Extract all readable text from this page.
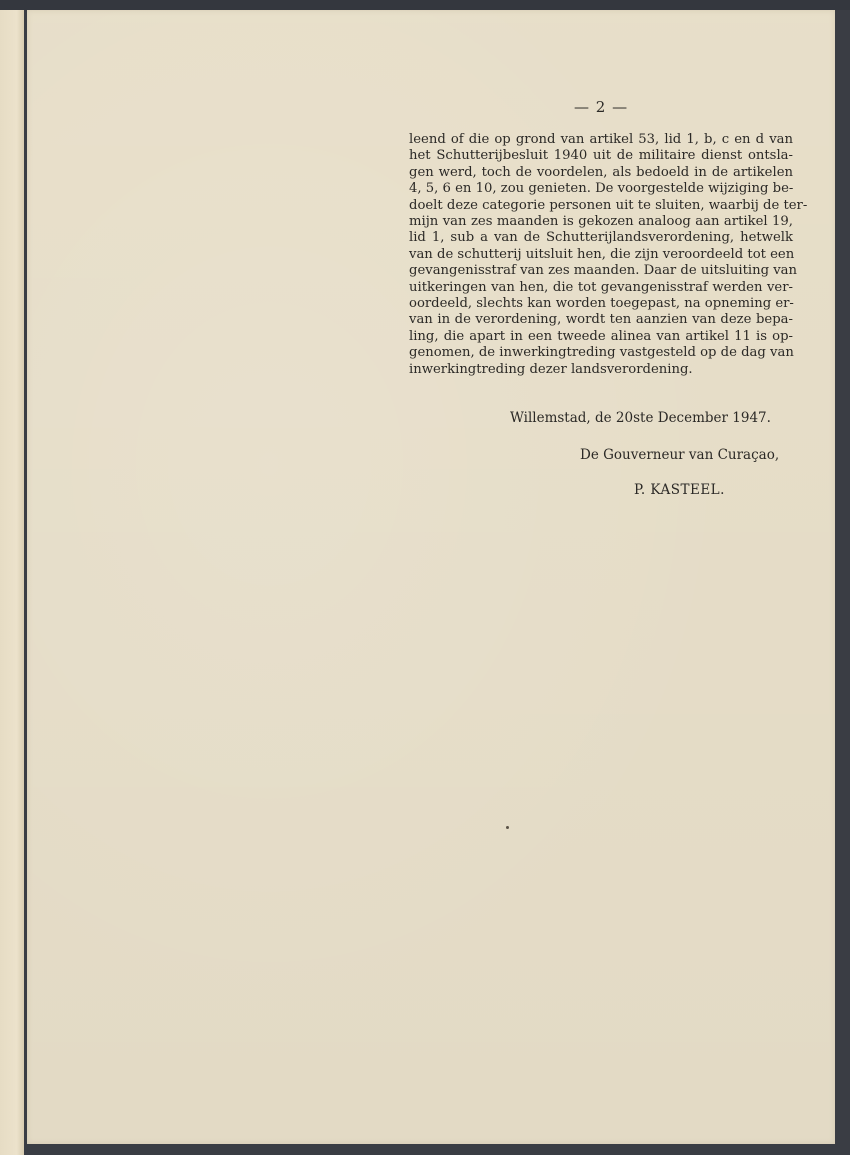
— 2 —

leend of die op grond van artikel 53, lid 1, b, c en d van
het Schutterijbesluit 1940 uit de militaire dienst ontsla-
gen werd, toch de voordelen, als bedoeld in de artikelen
4, 5, 6 en 10, zou genieten. De voorgestelde wijziging be-
doelt deze categorie personen uit te sluiten, waarbij de ter-
mijn van zes maanden is gekozen analoog aan artikel 19,
lid 1, sub a van de Schutterijlandsverordening, hetwelk
van de schutterij uitsluit hen, die zijn veroordeeld tot een
gevangenisstraf van zes maanden. Daar de uitsluiting van
uitkeringen van hen, die tot gevangenisstraf werden ver-
oordeeld, slechts kan worden toegepast, na opneming er-
van in de verordening, wordt ten aanzien van deze bepa-
ling, die apart in een tweede alinea van artikel 11 is op-
genomen, de inwerkingtreding vastgesteld op de dag van
inwerkingtreding dezer landsverordening.

Willemstad, de 20ste December 1947.
De Gouverneur van Curaçao,
P. KASTEEL.
